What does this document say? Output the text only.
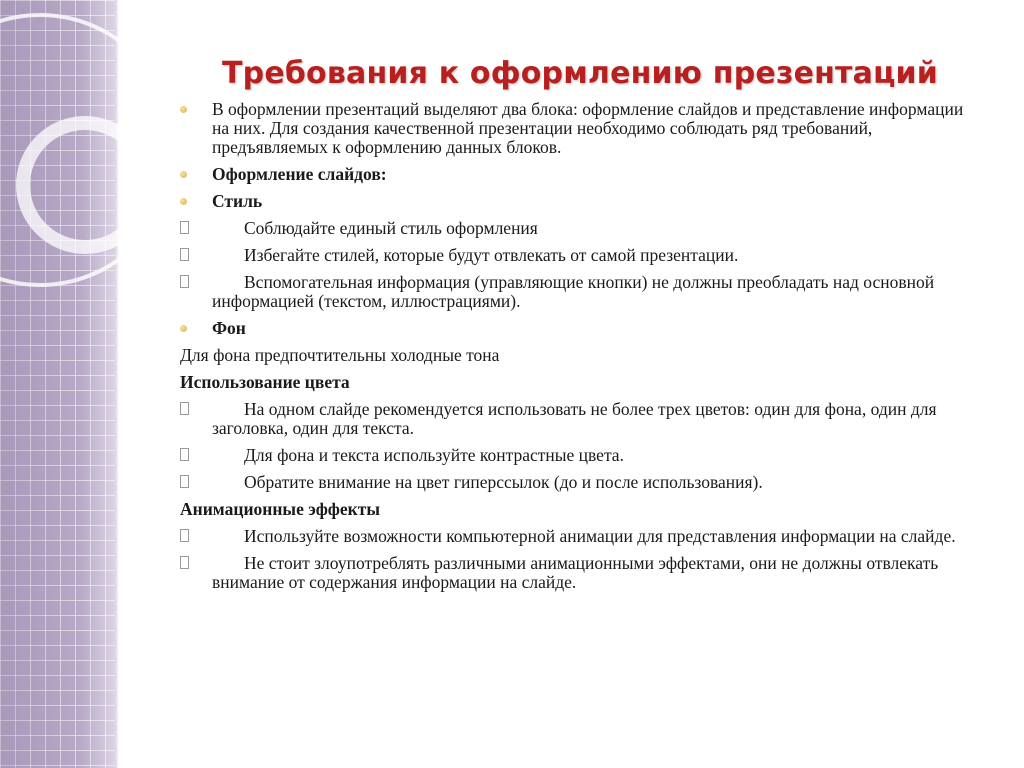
Требования к оформлению презентаций
В оформлении презентаций выделяют два блока: оформление слайдов и представление информации на них. Для создания качественной презентации необходимо соблюдать ряд требований, предъявляемых к оформлению данных блоков.
Оформление слайдов:
Стиль
Соблюдайте единый стиль оформления
Избегайте стилей, которые будут отвлекать от самой презентации.
Вспомогательная информация (управляющие кнопки) не должны преобладать над основной информацией (текстом, иллюстрациями).
Фон
Для фона предпочтительны холодные тона
Использование цвета
На одном слайде рекомендуется использовать не более трех цветов: один для фона, один для заголовка, один для текста.
Для фона и текста используйте контрастные цвета.
Обратите внимание на цвет гиперссылок (до и после использования).
Анимационные эффекты
Используйте возможности компьютерной анимации для представления информации на слайде.
Не стоит злоупотреблять различными анимационными эффектами, они не должны отвлекать внимание от содержания информации на слайде.
